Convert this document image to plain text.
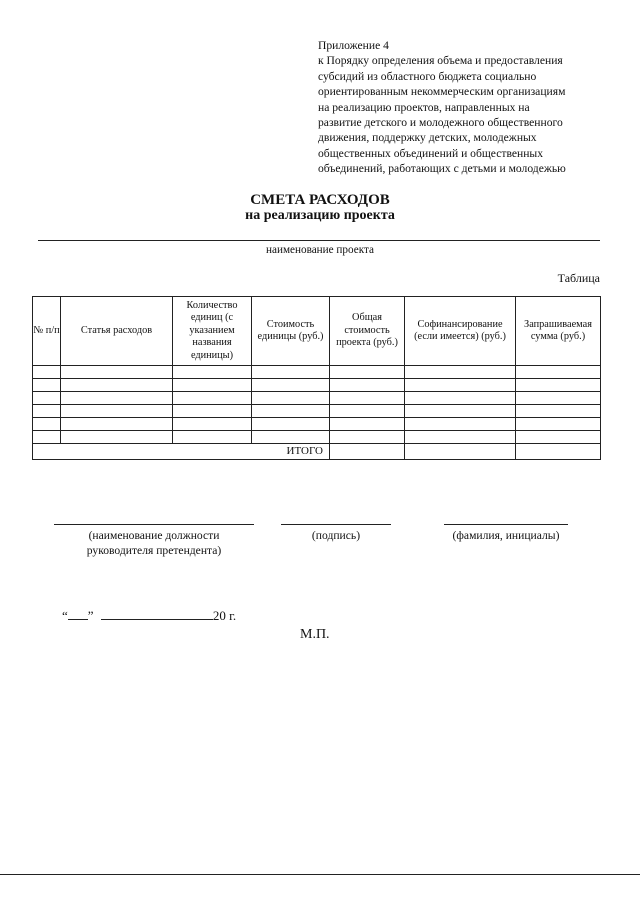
Приложение 4
к Порядку определения объема и предоставления
субсидий из областного бюджета социально
ориентированным некоммерческим организациям
на реализацию проектов, направленных на
развитие детского и молодежного общественного
движения, поддержку детских, молодежных
общественных объединений и общественных
объединений, работающих с детьми и молодежью
СМЕТА РАСХОДОВ
на реализацию проекта
наименование проекта
Таблица
№ п/п	Статья расходов	Количество единиц (с указанием названия единицы)	Стоимость единицы (руб.)	Общая стоимость проекта (руб.)	Софинансирование (если имеется) (руб.)	Запрашиваемая сумма (руб.)

ИТОГО						
(наименование должности руководителя претендента)
(подпись)	(фамилия, инициалы)
“ ”	20 г.
М.П.
